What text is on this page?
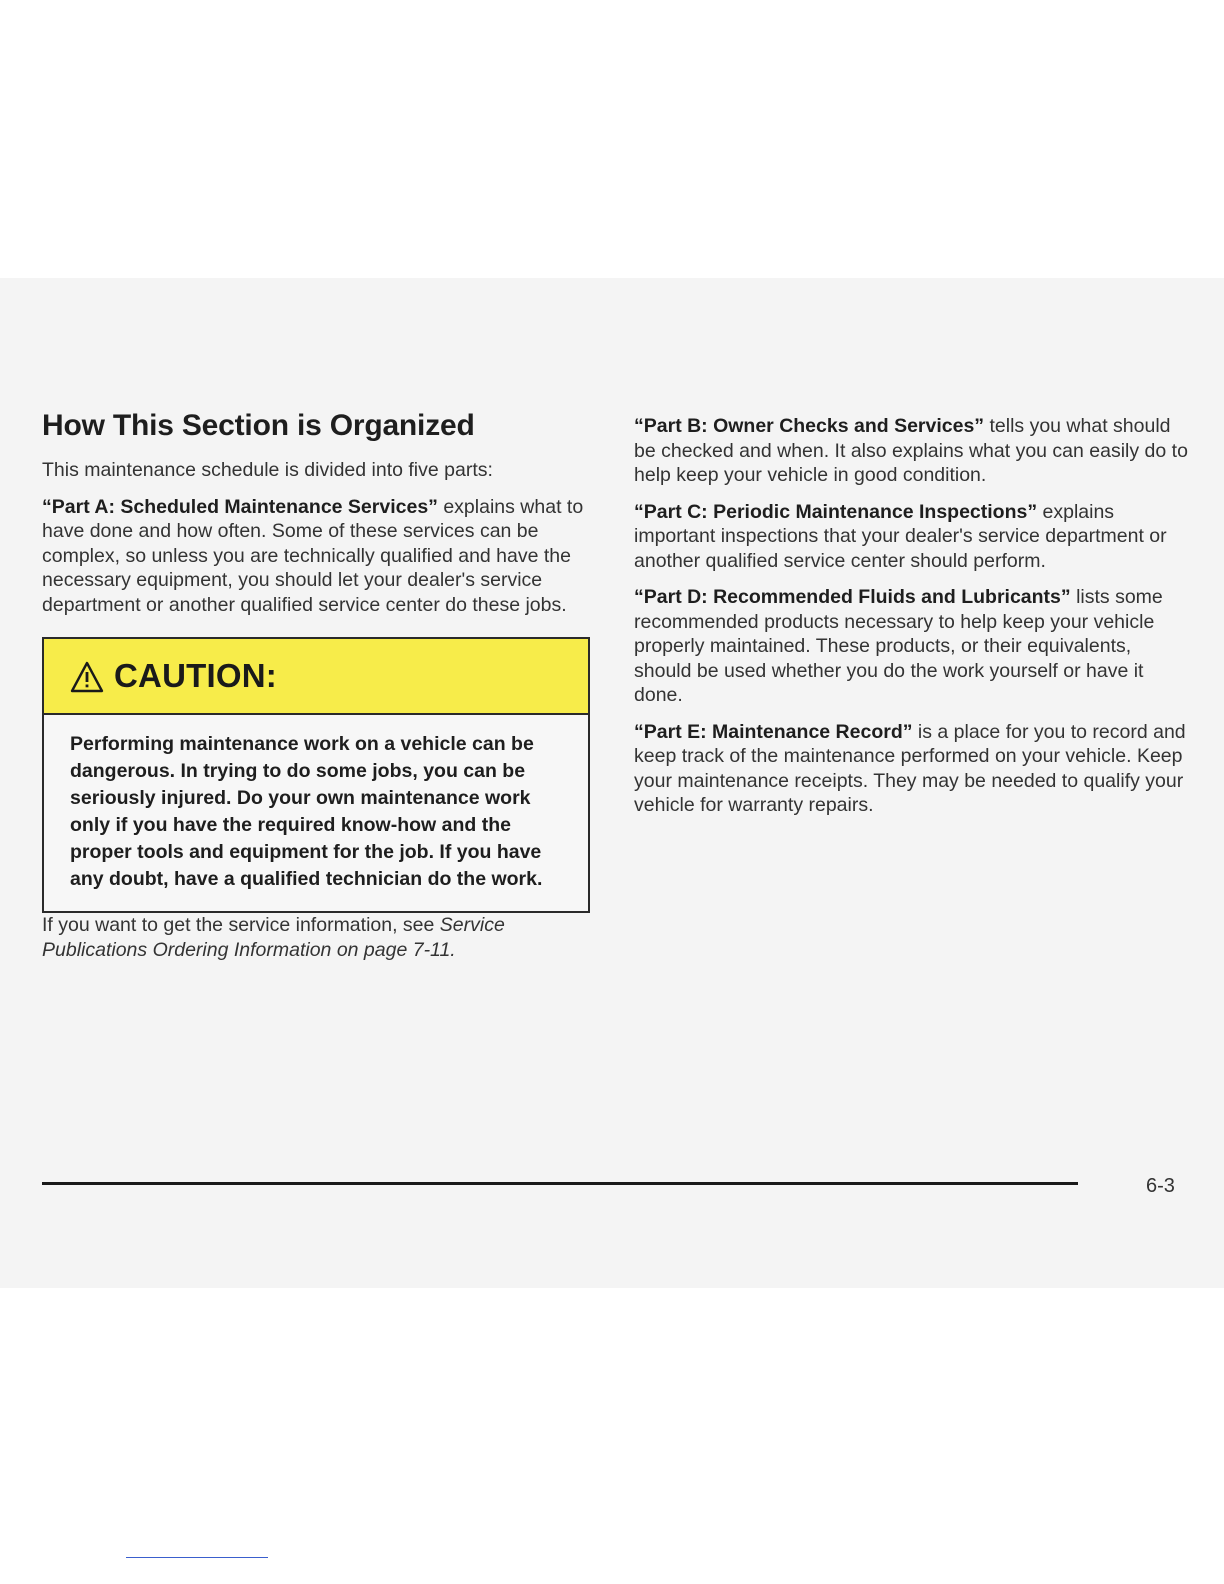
How This Section is Organized

This maintenance schedule is divided into five parts:

“Part A: Scheduled Maintenance Services” explains what to have done and how often. Some of these services can be complex, so unless you are technically qualified and have the necessary equipment, you should let your dealer's service department or another qualified service center do these jobs.

CAUTION:
Performing maintenance work on a vehicle can be dangerous. In trying to do some jobs, you can be seriously injured. Do your own maintenance work only if you have the required know-how and the proper tools and equipment for the job. If you have any doubt, have a qualified technician do the work.

If you want to get the service information, see Service Publications Ordering Information on page 7-11.

“Part B: Owner Checks and Services” tells you what should be checked and when. It also explains what you can easily do to help keep your vehicle in good condition.

“Part C: Periodic Maintenance Inspections” explains important inspections that your dealer's service department or another qualified service center should perform.

“Part D: Recommended Fluids and Lubricants” lists some recommended products necessary to help keep your vehicle properly maintained. These products, or their equivalents, should be used whether you do the work yourself or have it done.

“Part E: Maintenance Record” is a place for you to record and keep track of the maintenance performed on your vehicle. Keep your maintenance receipts. They may be needed to qualify your vehicle for warranty repairs.

6-3
